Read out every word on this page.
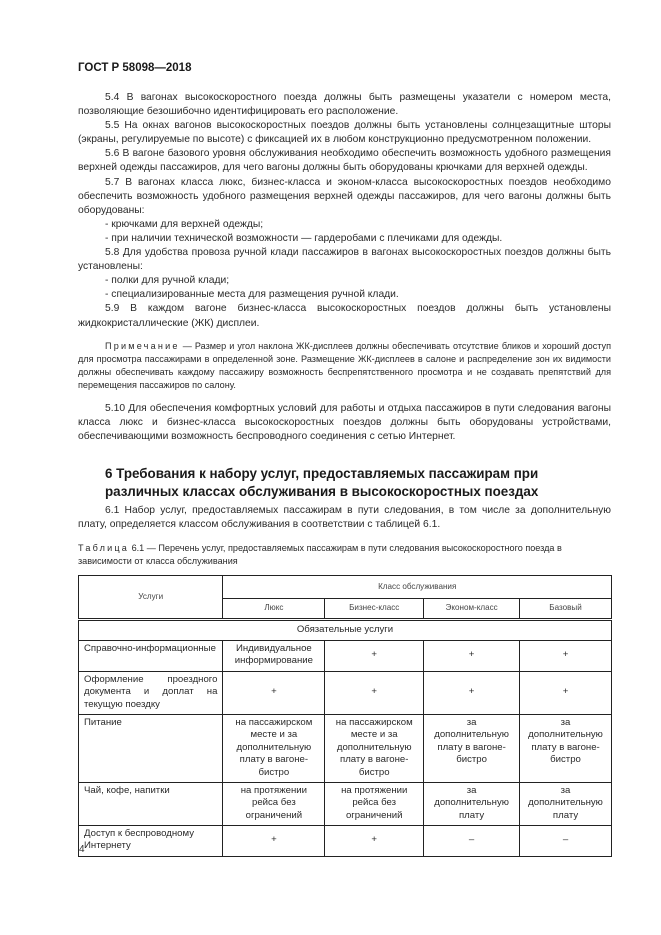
ГОСТ Р 58098—2018

5.4 В вагонах высокоскоростного поезда должны быть размещены указатели с номером места, позволяющие безошибочно идентифицировать его расположение.

5.5 На окнах вагонов высокоскоростных поездов должны быть установлены солнцезащитные шторы (экраны, регулируемые по высоте) с фиксацией их в любом конструкционно предусмотренном положении.

5.6 В вагоне базового уровня обслуживания необходимо обеспечить возможность удобного размещения верхней одежды пассажиров, для чего вагоны должны быть оборудованы крючками для верхней одежды.

5.7 В вагонах класса люкс, бизнес-класса и эконом-класса высокоскоростных поездов необходимо обеспечить возможность удобного размещения верхней одежды пассажиров, для чего вагоны должны быть оборудованы:

- крючками для верхней одежды;

- при наличии технической возможности — гардеробами с плечиками для одежды.

5.8 Для удобства провоза ручной клади пассажиров в вагонах высокоскоростных поездов должны быть установлены:

- полки для ручной клади;

- специализированные места для размещения ручной клади.

5.9 В каждом вагоне бизнес-класса высокоскоростных поездов должны быть установлены жидкокристаллические (ЖК) дисплеи.

Примечание — Размер и угол наклона ЖК-дисплеев должны обеспечивать отсутствие бликов и хороший доступ для просмотра пассажирами в определенной зоне. Размещение ЖК-дисплеев в салоне и распределение зон их видимости должны обеспечивать каждому пассажиру возможность беспрепятственного просмотра и не создавать препятствий для перемещения пассажиров по салону.

5.10 Для обеспечения комфортных условий для работы и отдыха пассажиров в пути следования вагоны класса люкс и бизнес-класса высокоскоростных поездов должны быть оборудованы устройствами, обеспечивающими возможность беспроводного соединения с сетью Интернет.

6 Требования к набору услуг, предоставляемых пассажирам при
различных классах обслуживания в высокоскоростных поездах

6.1 Набор услуг, предоставляемых пассажирам в пути следования, в том числе за дополнительную плату, определяется классом обслуживания в соответствии с таблицей 6.1.

Таблица 6.1 — Перечень услуг, предоставляемых пассажирам в пути следования высокоскоростного поезда в зависимости от класса обслуживания
Услуги	Класс обслуживания			
	Люкс	Бизнес-класс	Эконом-класс	Базовый
Обязательные услуги				
Справочно-информационные	Индивидуальное информирование	+	+	+
Оформление проездного документа и доплат на текущую поездку	+	+	+	+
Питание	на пассажирском месте и за дополнительную плату в вагоне-бистро	на пассажирском месте и за дополнительную плату в вагоне-бистро	за дополнительную плату в вагоне-бистро	за дополнительную плату в вагоне-бистро
Чай, кофе, напитки	на протяжении рейса без ограничений	на протяжении рейса без ограничений	за дополнительную плату	за дополнительную плату
Доступ к беспроводному Интернету	+	+	–	–
4
